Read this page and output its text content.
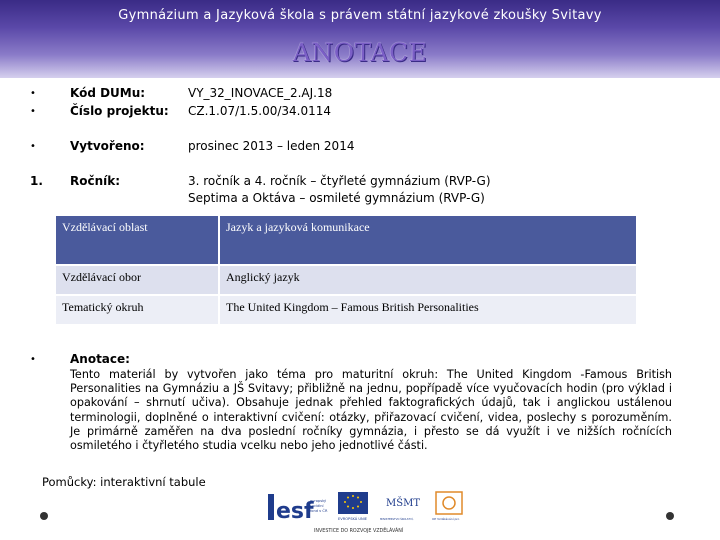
Gymnázium a Jazyková škola s právem státní jazykové zkoušky Svitavy
ANOTACE
•	Kód DUMu:	VY_32_INOVACE_2.AJ.18
•	Číslo projektu: CZ.1.07/1.5.00/34.0114
•	Vytvořeno:	prosinec 2013 – leden 2014
1. Ročník:	3. ročník a 4. ročník – čtyřleté gymnázium (RVP-G)
Septima a Oktáva – osmileté gymnázium (RVP-G)
Vzdělávací oblast	Jazyk a jazyková komunikace
Vzdělávací obor	Anglický jazyk
Tematický okruh	The United Kingdom – Famous British Personalities
•	Anotace:
Tento materiál by vytvořen jako téma pro maturitní okruh: The United Kingdom -Famous British Personalities na Gymnáziu a JŠ Svitavy; přibližně na jednu, popřípadě více vyučovacích hodin (pro výklad i opakování – shrnutí učiva). Obsahuje jednak přehled faktografických údajů, tak i anglickou ustálenou terminologii, doplněné o interaktivní cvičení: otázky, přiřazovací cvičení, videa, poslechy s porozuměním. Je primárně zaměřen na dva poslední ročníky gymnázia, i přesto se dá využít i ve nižších ročnících osmiletého i čtyřletého studia vcelku nebo jeho jednotlivé části.
Pomůcky: interaktivní tabule
esf
evropský
sociální
fond v ČR
EVROPSKÁ UNIE
MŠMT
MINISTERSTVO ŠKOLSTVÍ,	OP Vzdělávání pro
INVESTICE DO ROZVOJE VZDĚLÁVÁNÍ
